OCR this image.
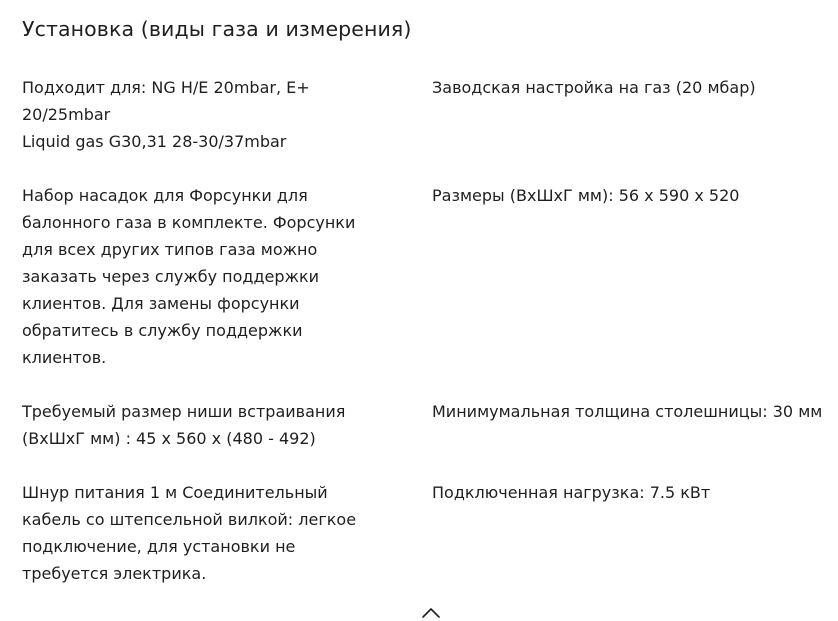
Установка (виды газа и измерения)

Подходит для: NG H/E 20mbar, E+
20/25mbar
Liquid gas G30,31 28-30/37mbar

Заводская настройка на газ (20 мбар)

Набор насадок для Форсунки для
балонного газа в комплекте. Форсунки
для всех других типов газа можно
заказать через службу поддержки
клиентов. Для замены форсунки
обратитесь в службу поддержки
клиентов.

Размеры (ВхШхГ мм): 56 x 590 x 520

Требуемый размер ниши встраивания
(ВхШхГ мм) : 45 x 560 x (480 - 492)

Минимумальная толщина столешницы: 30 мм

Шнур питания 1 м Соединительный
кабель со штепсельной вилкой: легкое
подключение, для установки не
требуется электрика.

Подключенная нагрузка: 7.5 кВт
